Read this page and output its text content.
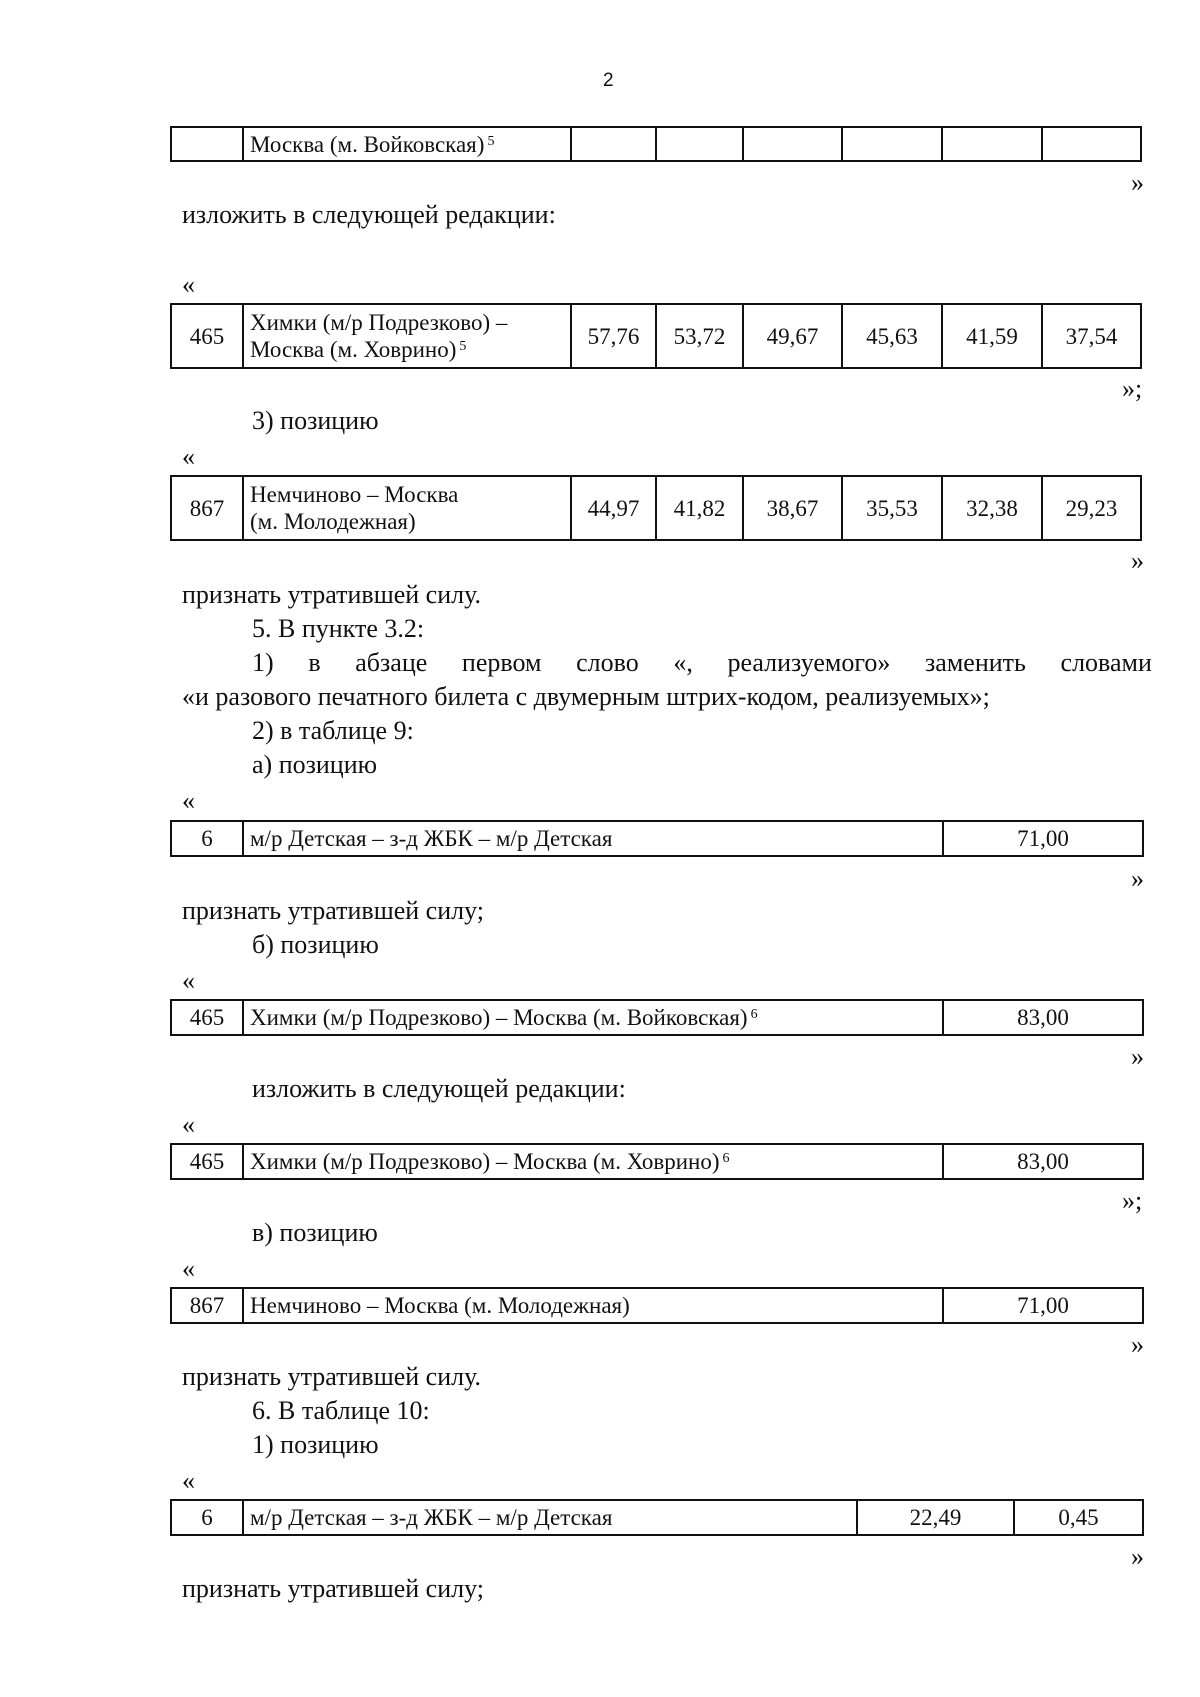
2
	Москва (м. Войковская) $^5$						
»
изложить в следующей редакции:
«
465	Химки (м/р Подрезково) –
Москва (м. Ховрино) $^5$	57,76	53,72	49,67	45,63	41,59	37,54
»;
3) позицию
«
867	Немчиново – Москва
(м. Молодежная)	44,97	41,82	38,67	35,53	32,38	29,23
»
признать утратившей силу.
5. В пункте 3.2:
1) в абзаце первом слово «, реализуемого» заменить словами
«и разового печатного билета с двумерным штрих-кодом, реализуемых»;
2) в таблице 9:
а) позицию
«
6	м/р Детская – з-д ЖБК – м/р Детская	71,00
»
признать утратившей силу;
б) позицию
«
465	Химки (м/р Подрезково) – Москва (м. Войковская) $^6$	83,00
»
изложить в следующей редакции:
«
465	Химки (м/р Подрезково) – Москва (м. Ховрино) $^6$	83,00
»;
в) позицию
«
867	Немчиново – Москва (м. Молодежная)	71,00
»
признать утратившей силу.
6. В таблице 10:
1) позицию
«
6	м/р Детская – з-д ЖБК – м/р Детская	22,49	0,45
»
признать утратившей силу;
